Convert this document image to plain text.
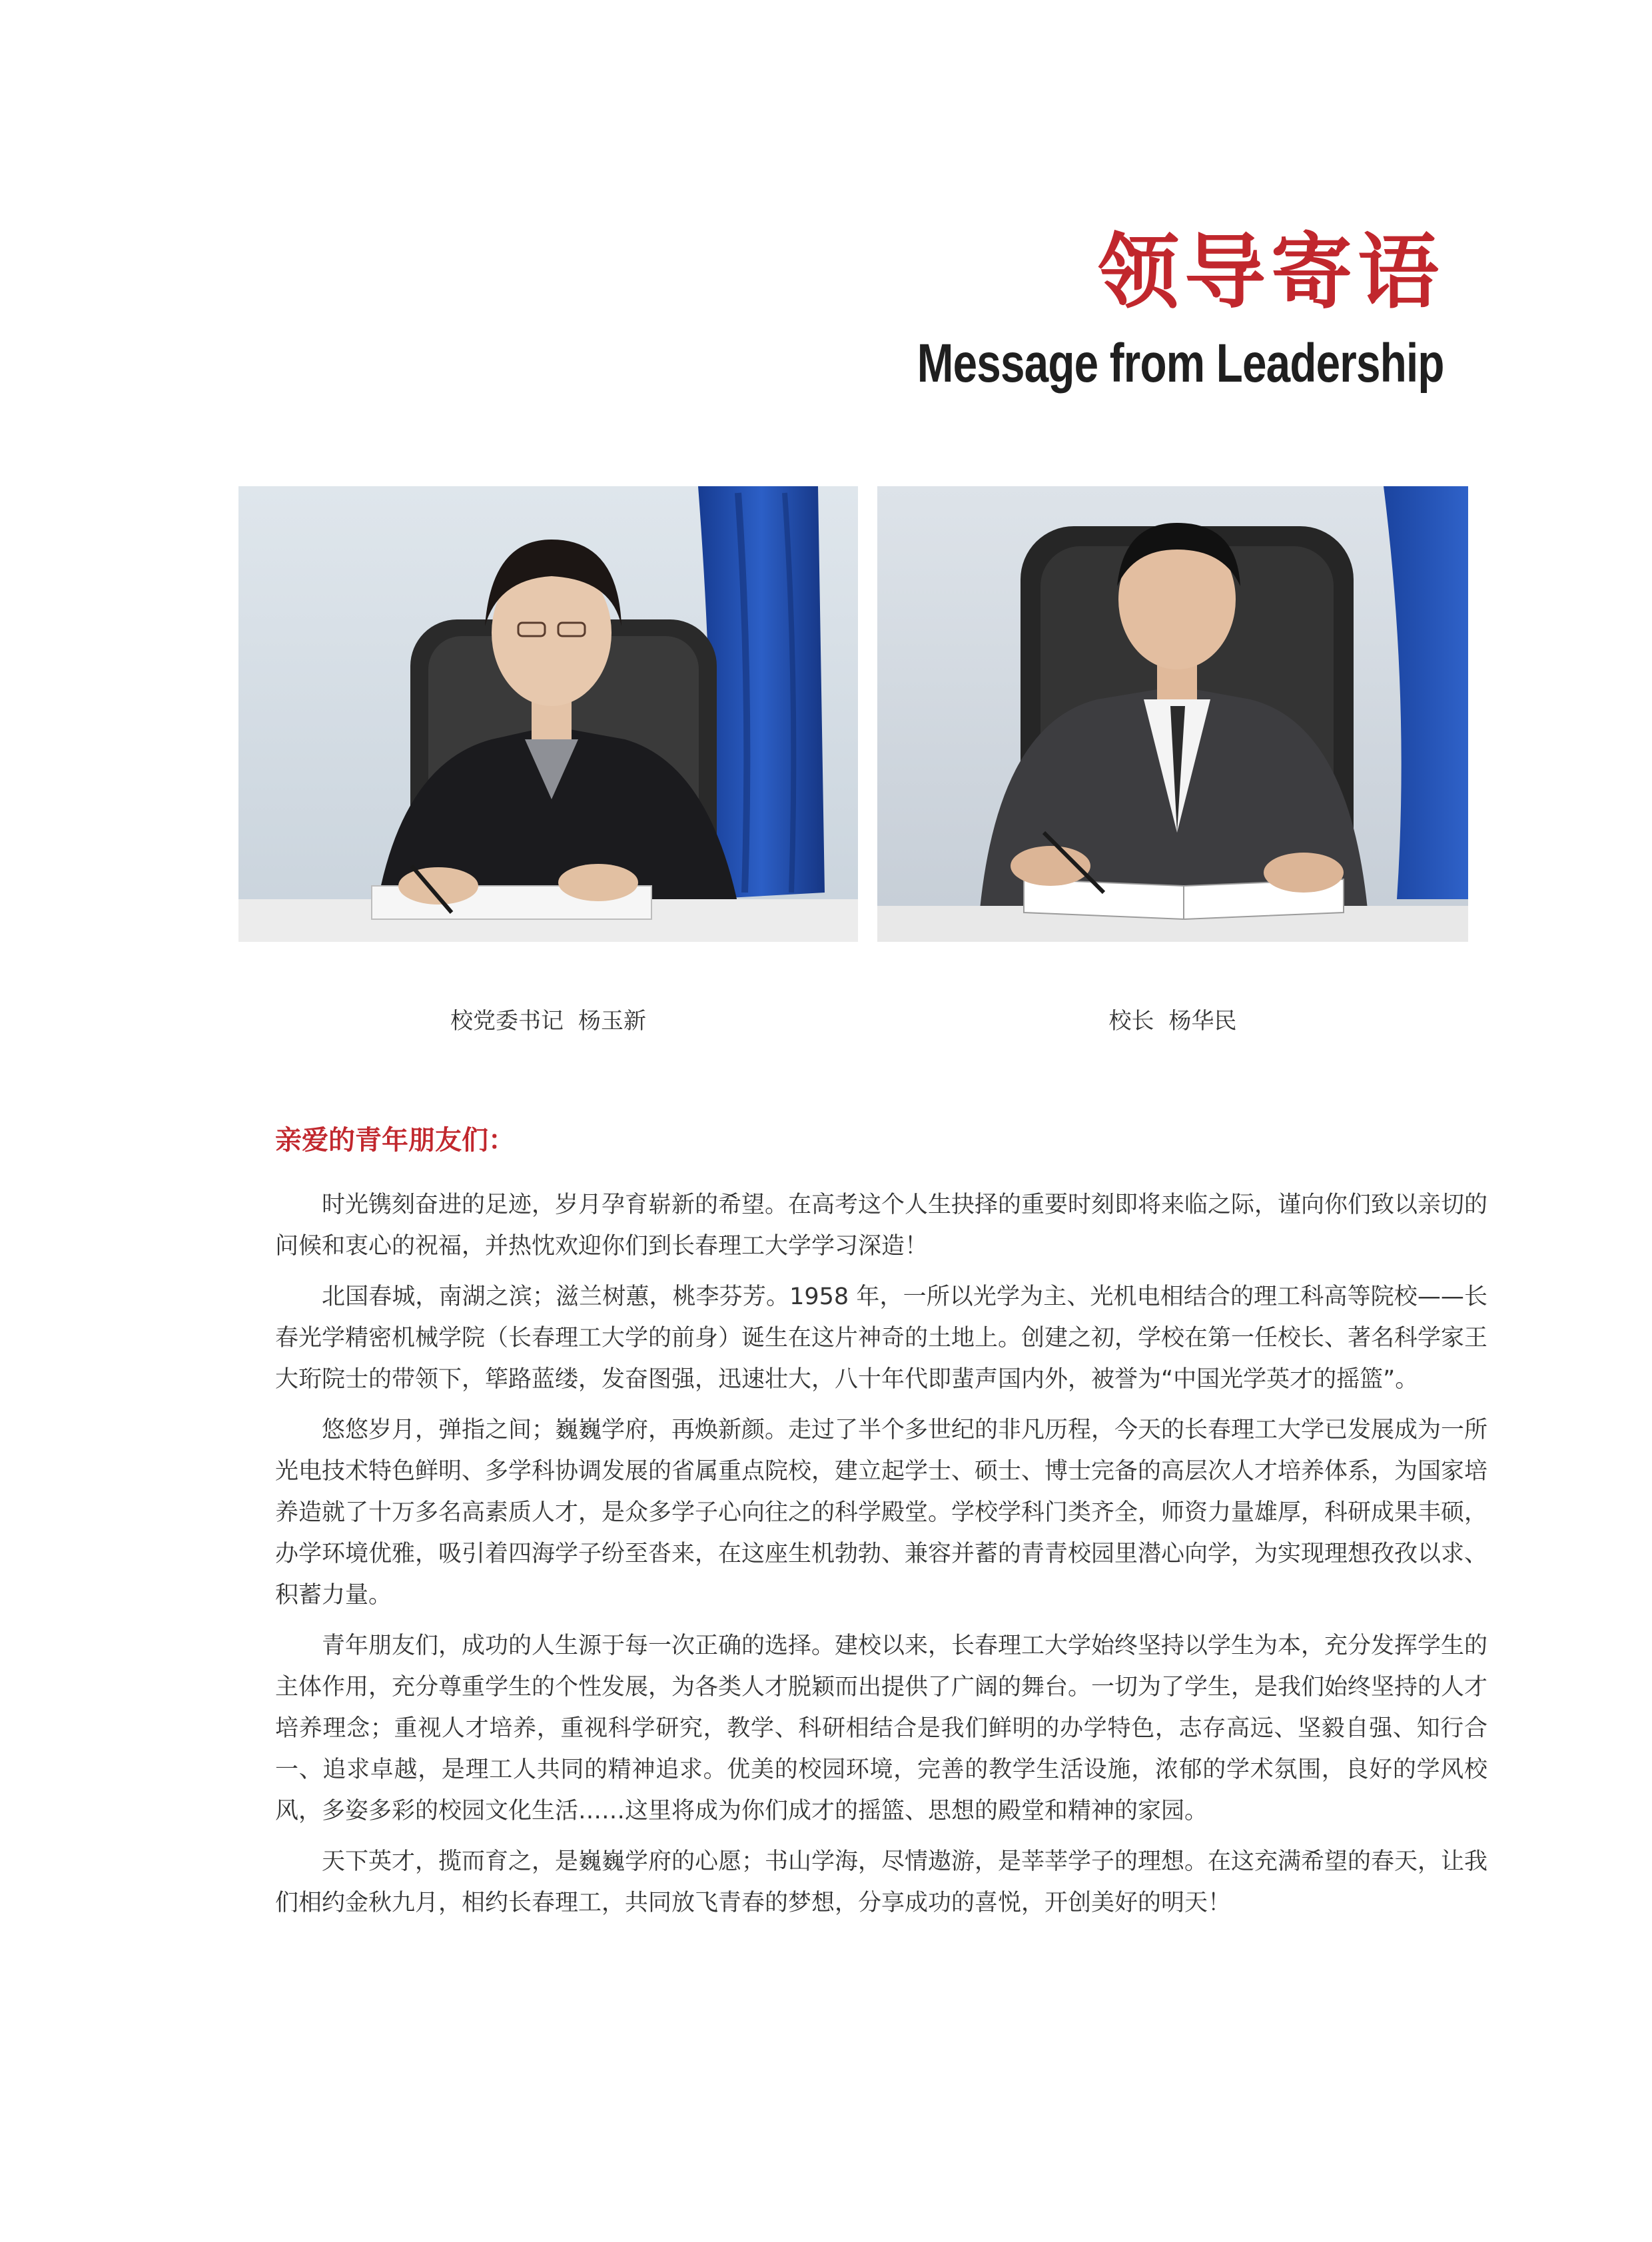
领导寄语
Message from Leadership
校党委书记 杨玉新	校长 杨华民
亲爱的青年朋友们：

时光镌刻奋进的足迹，岁月孕育崭新的希望。在高考这个人生抉择的重要时刻即将来临之际，谨向你们致以亲切的问候和衷心的祝福，并热忱欢迎你们到长春理工大学学习深造！

北国春城，南湖之滨；滋兰树蕙，桃李芬芳。1958 年，一所以光学为主、光机电相结合的理工科高等院校——长春光学精密机械学院（长春理工大学的前身）诞生在这片神奇的土地上。创建之初，学校在第一任校长、著名科学家王大珩院士的带领下，筚路蓝缕，发奋图强，迅速壮大，八十年代即蜚声国内外，被誉为“中国光学英才的摇篮”。

悠悠岁月，弹指之间；巍巍学府，再焕新颜。走过了半个多世纪的非凡历程，今天的长春理工大学已发展成为一所光电技术特色鲜明、多学科协调发展的省属重点院校，建立起学士、硕士、博士完备的高层次人才培养体系，为国家培养造就了十万多名高素质人才，是众多学子心向往之的科学殿堂。学校学科门类齐全，师资力量雄厚，科研成果丰硕，办学环境优雅，吸引着四海学子纷至沓来，在这座生机勃勃、兼容并蓄的青青校园里潜心向学，为实现理想孜孜以求、积蓄力量。

青年朋友们，成功的人生源于每一次正确的选择。建校以来，长春理工大学始终坚持以学生为本，充分发挥学生的主体作用，充分尊重学生的个性发展，为各类人才脱颖而出提供了广阔的舞台。一切为了学生，是我们始终坚持的人才培养理念；重视人才培养，重视科学研究，教学、科研相结合是我们鲜明的办学特色，志存高远、坚毅自强、知行合一、追求卓越，是理工人共同的精神追求。优美的校园环境，完善的教学生活设施，浓郁的学术氛围，良好的学风校风，多姿多彩的校园文化生活……这里将成为你们成才的摇篮、思想的殿堂和精神的家园。

天下英才，揽而育之，是巍巍学府的心愿；书山学海，尽情遨游，是莘莘学子的理想。在这充满希望的春天，让我们相约金秋九月，相约长春理工，共同放飞青春的梦想，分享成功的喜悦，开创美好的明天！
